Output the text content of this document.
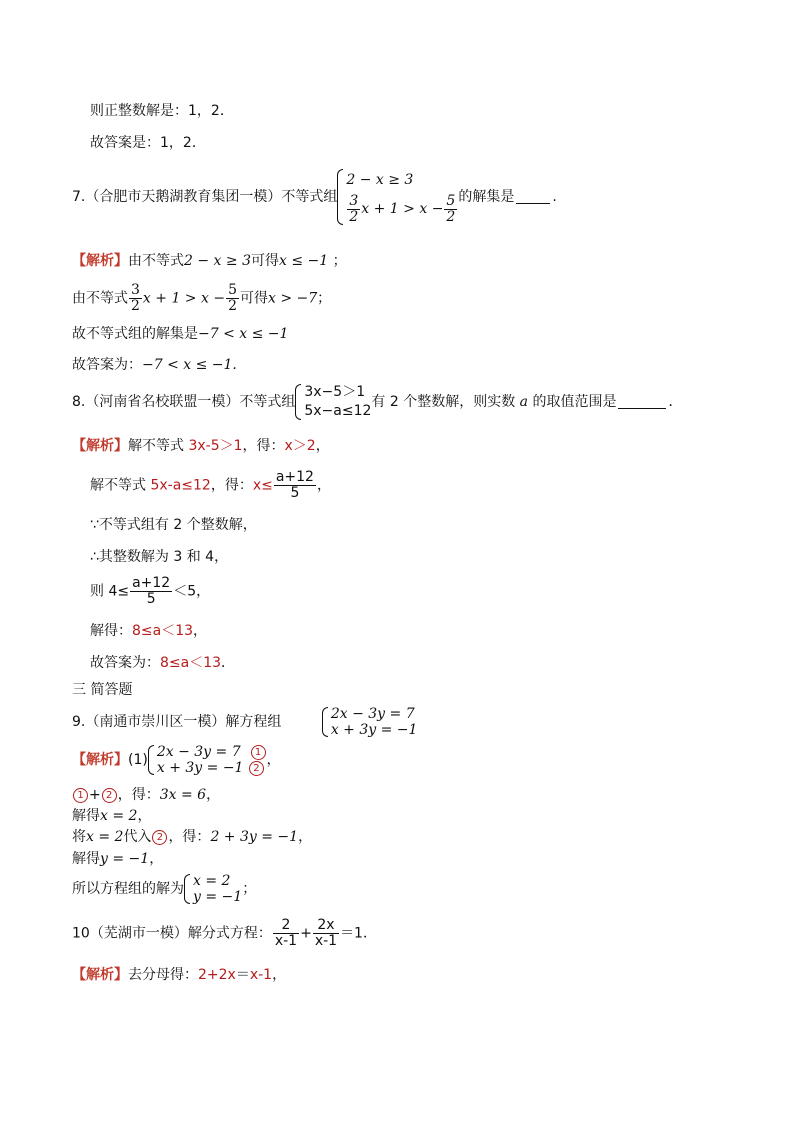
则正整数解是：1，2．
故答案是：1，2．
7.（合肥市天鹅湖教育集团一模）不等式组
2 − x ≥ 3
$\frac{3}{2}$ $x + 1 > x - \frac{5}{2}$ 的解集是	.
【解析】由不等式2 − x ≥ 3可得x ≤ −1 ；
由不等式 $\frac{3}{2}$ $x + 1 > x - \frac{5}{2}$ 可得x > −7；
故不等式组的解集是−7 < x ≤ −1
故答案为：−7 < x ≤ −1.
8.（河南省名校联盟一模）不等式组
3x−5＞1
5x−a≤12
有 2 个整数解，则实数 a 的取值范围是	．
【解析】解不等式 3x-5＞1，得：x＞2，
解不等式 5x-a≤12，得：$x\le \frac{a+12}{5}$ ，
∵不等式组有 2 个整数解，
∴其整数解为 3 和 4，
则 $4\le \frac{a+12}{5} <5$，
解得：8≤a＜13，
故答案为：8≤a＜13．
三 简答题
9.（南通市崇川区一模）解方程组	2x − 3y = 7
x + 3y = −1
【解析】(1) 2x − 3y = 7 1
x + 3y = −1 2 ，
1 + 2 ，得：3x = 6，
解得x = 2，
将x = 2代入 2 ，得：2 + 3y = −1，
解得y = −1，
所以方程组的解为 x = 2
y = −1 ；
10（芜湖市一模）解分式方程： $\frac{2}{x-1} + \frac{2x}{x-1} =1$．
【解析】去分母得：2+2x＝x-1，
